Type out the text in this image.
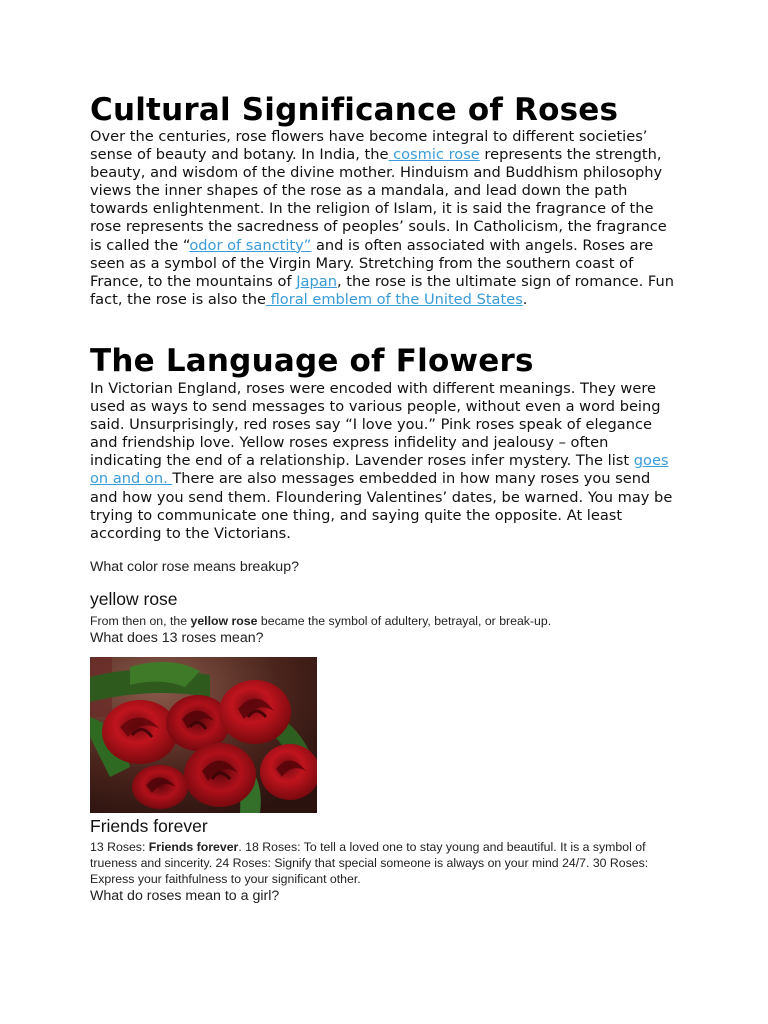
Cultural Significance of Roses

Over the centuries, rose flowers have become integral to different societies’ sense of beauty and botany. In India, the cosmic rose represents the strength, beauty, and wisdom of the divine mother. Hinduism and Buddhism philosophy views the inner shapes of the rose as a mandala, and lead down the path towards enlightenment. In the religion of Islam, it is said the fragrance of the rose represents the sacredness of peoples’ souls. In Catholicism, the fragrance is called the “odor of sanctity” and is often associated with angels. Roses are seen as a symbol of the Virgin Mary. Stretching from the southern coast of France, to the mountains of Japan, the rose is the ultimate sign of romance. Fun fact, the rose is also the floral emblem of the United States.

The Language of Flowers

In Victorian England, roses were encoded with different meanings. They were used as ways to send messages to various people, without even a word being said. Unsurprisingly, red roses say “I love you.” Pink roses speak of elegance and friendship love. Yellow roses express infidelity and jealousy – often indicating the end of a relationship. Lavender roses infer mystery. The list goes on and on. There are also messages embedded in how many roses you send and how you send them. Floundering Valentines’ dates, be warned. You may be trying to communicate one thing, and saying quite the opposite. At least according to the Victorians.

What color rose means breakup?

yellow rose

From then on, the yellow rose became the symbol of adultery, betrayal, or break-up.

What does 13 roses mean?

Friends forever

13 Roses: Friends forever. 18 Roses: To tell a loved one to stay young and beautiful. It is a symbol of trueness and sincerity. 24 Roses: Signify that special someone is always on your mind 24/7. 30 Roses: Express your faithfulness to your significant other.

What do roses mean to a girl?
